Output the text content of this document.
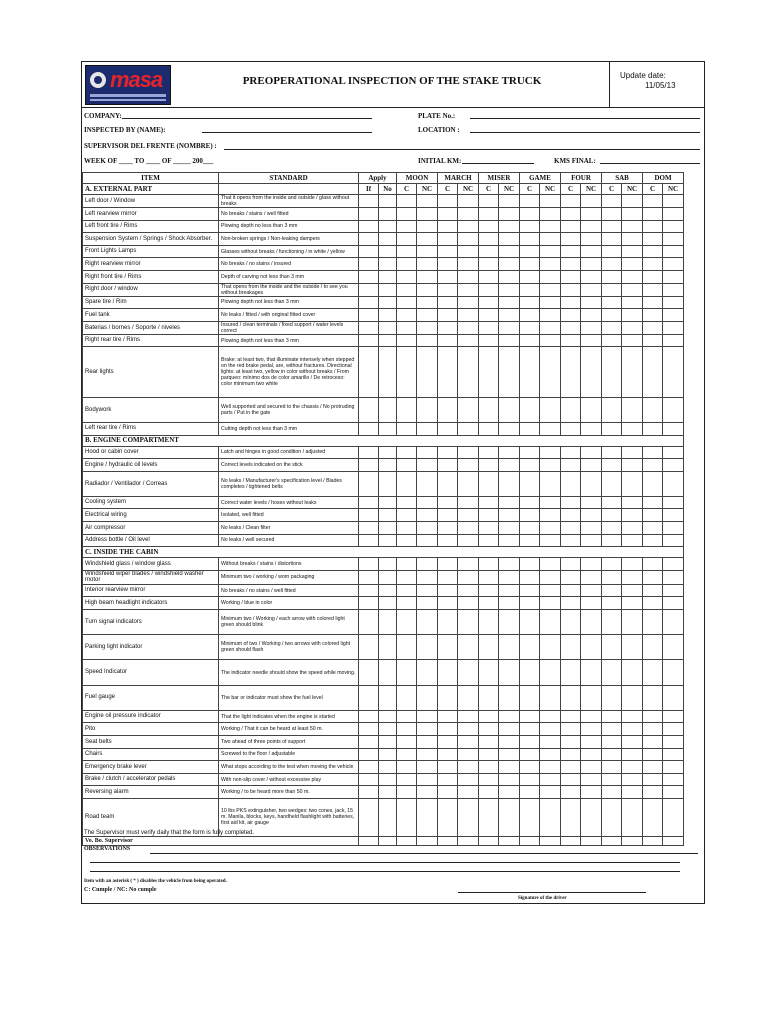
masa	PREOPERATIONAL INSPECTION OF THE STAKE TRUCK	Update date:
11/05/13
COMPANY:	PLATE No.:
INSPECTED BY (NAME):	LOCATION :
SUPERVISOR DEL FRENTE (NOMBRE) :
WEEK OF ____ TO ____ OF _____ 200___	INITIAL KM:	KMS FINAL:
ITEM	STANDARD	Apply		MOON		MARCH		MISER		GAME		FOUR		SAB		DOM	
A. EXTERNAL PART		If	No	C	NC	C	NC	C	NC	C	NC	C	NC	C	NC	C	NC
Left door / Window	That it opens from the inside and outside / glass without breaks																
Left rearview mirror	No breaks / stains / well fitted																
Left front tire / Rims	Plowing depth no less than 3 mm																
Suspension System / Springs / Shock Absorber.	Non-broken springs / Non-leaking dampers																
Front Lights Lamps	Glasses without breaks / functioning / in white / yellow																
Right rearview mirror	No breaks / no stains / insured																
Right front tire / Rims	Depth of carving not less than 3 mm																
Right door / window	That opens from the inside and the outside / to see you without breakages																
Spare tire / Rim	Plowing depth not less than 3 mm																
Fuel tank	No leaks / fitted / with original fitted cover																
Baterias / bornes / Soporte / niveles	Insured / clean terminals / fixed support / water levels correct																
Right rear tire / Rims	Plowing depth not less than 3 mm																
Rear lights	Brake: at least two, that illuminate intensely when stepped on the red brake pedal, are, without fractures. Directional lights: at least two, yellow in color without breaks / From parqueo: mínimo dos de color amarillo / De retroceso: color minimum two white																
Bodywork	Well supported and secured to the chassis / No protruding parts / Put in the gate																
Left rear tire / Rims	Cutting depth not less than 3 mm																
B. ENGINE COMPARTMENT																	
Hood or cabin cover	Latch and hinges in good condition / adjusted																
Engine / hydraulic oil levels	Correct levels indicated on the stick																
Radiador / Ventilador / Correas	No leaks / Manufacturer's specification level / Blades completes / tightened belts																
Cooling system	Correct water levels / hoses without leaks																
Electrical wiring	Isolated, well fitted																
Air compressor	No leaks / Clean filter																
Address bottle / Oil level	No leaks / well secured																
C. INSIDE THE CABIN																	
Windshield glass / window glass	Without breaks / stains / distortions																
Windshield wiper blades / windshield washer motor	Minimum two / working / worn packaging																
Interior rearview mirror	No breaks / no stains / well fitted																
High beam headlight indicators	Working / blue in color																
Turn signal indicators	Minimum two / Working / each arrow with colored light green should blink																
Parking light indicator	Minimum of two / Working / two arrows with colored light green should flash																
Speed Indicator	The indicator needle should show the speed while moving.																
Fuel gauge	The bar or indicator must show the fuel level																
Engine oil pressure indicator	That the light indicates when the engine is started																
Pito	Working / That it can be heard at least 50 m.																
Seat belts	Two ahead of three points of support																
Chairs	Screwed to the floor / adjustable																
Emergency brake lever	What stops according to the test when moving the vehicle																
Brake / clutch / accelerator pedals	With non-slip cover / without excessive play																
Reversing alarm	Working / to be heard more than 50 m.																
Road team	10 lbs PKS extinguisher, two wedges: two cones, jack, 15 m. Manila, blocks, keys, handheld flashlight with batteries, first aid kit, air gauge																
Vo. Bo. Supervisor																	
The Supervisor must verify daily that the form is fully completed.
OBSERVATIONS
Item with an asterisk ( * ) disables the vehicle from being operated.
C: Cumple / NC: No cumple
Signature of the driver
